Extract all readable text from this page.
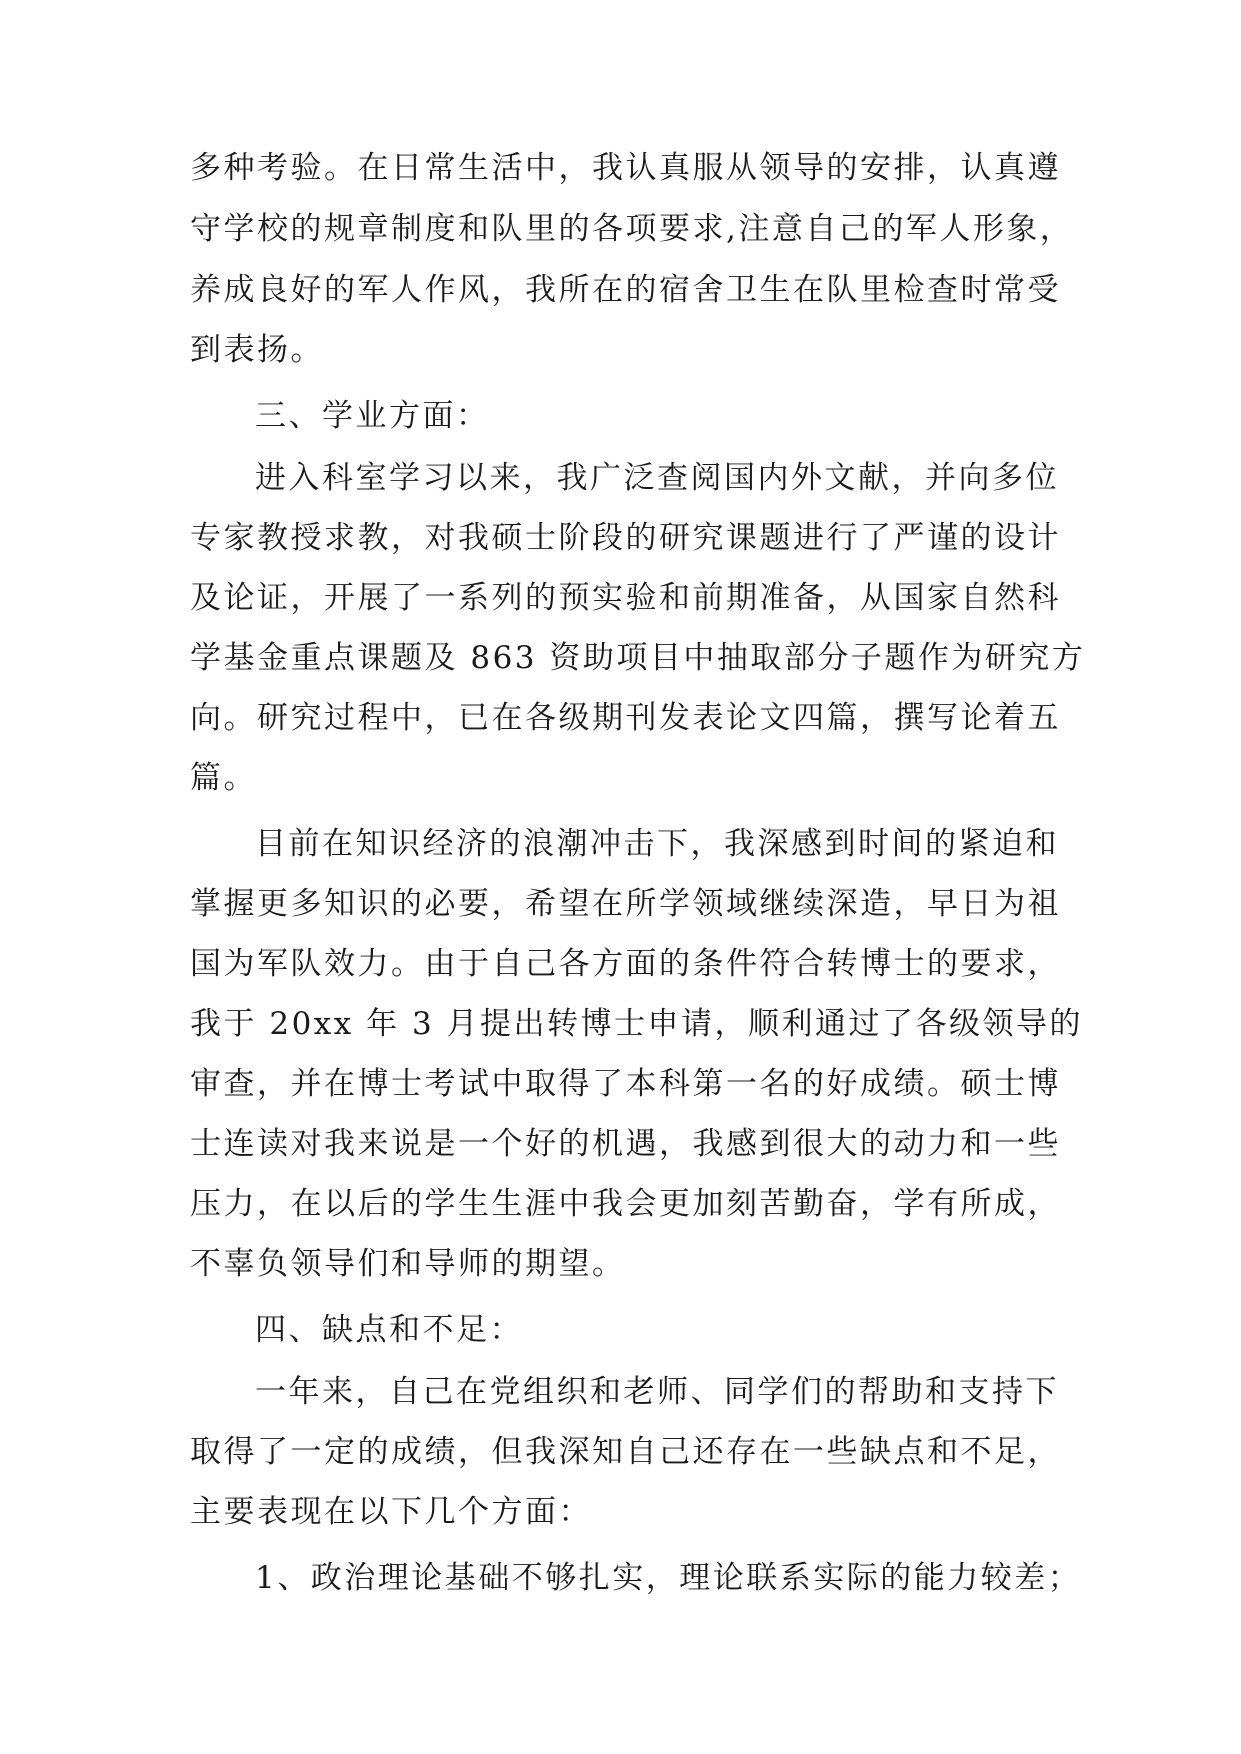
多种考验。在日常生活中，我认真服从领导的安排，认真遵
守学校的规章制度和队里的各项要求,注意自己的军人形象，
养成良好的军人作风，我所在的宿舍卫生在队里检查时常受
到表扬。
三、学业方面：
进入科室学习以来，我广泛查阅国内外文献，并向多位
专家教授求教，对我硕士阶段的研究课题进行了严谨的设计
及论证，开展了一系列的预实验和前期准备，从国家自然科
学基金重点课题及 863 资助项目中抽取部分子题作为研究方
向。研究过程中，已在各级期刊发表论文四篇，撰写论着五
篇。
目前在知识经济的浪潮冲击下，我深感到时间的紧迫和
掌握更多知识的必要，希望在所学领域继续深造，早日为祖
国为军队效力。由于自己各方面的条件符合转博士的要求，
我于 20xx 年 3 月提出转博士申请，顺利通过了各级领导的
审查，并在博士考试中取得了本科第一名的好成绩。硕士博
士连读对我来说是一个好的机遇，我感到很大的动力和一些
压力，在以后的学生生涯中我会更加刻苦勤奋，学有所成，
不辜负领导们和导师的期望。
四、缺点和不足：
一年来，自己在党组织和老师、同学们的帮助和支持下
取得了一定的成绩，但我深知自己还存在一些缺点和不足，
主要表现在以下几个方面：
1、政治理论基础不够扎实，理论联系实际的能力较差；
